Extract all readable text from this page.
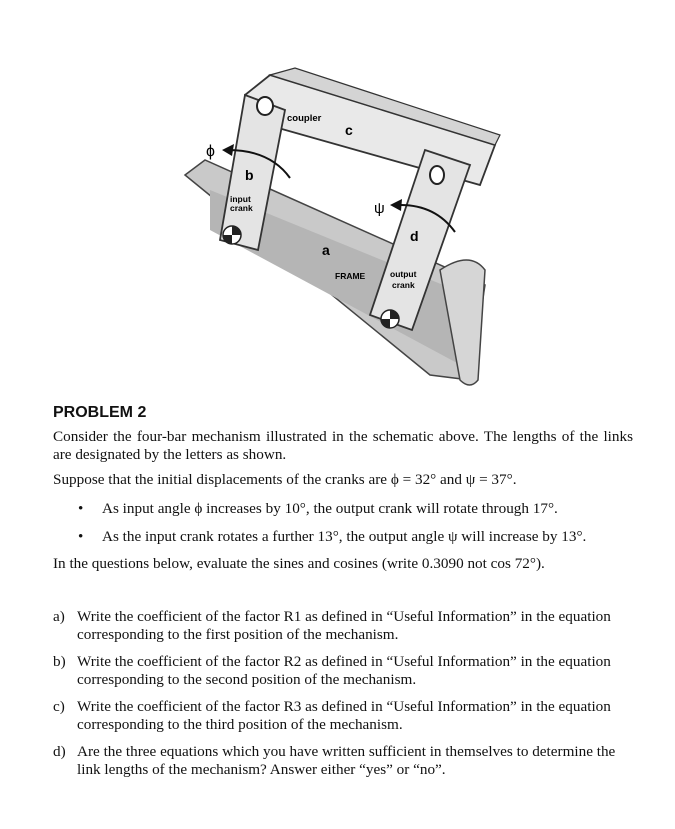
ϕ
ψ
coupler
c
b
input
crank
a
FRAME
d
output
crank
PROBLEM 2

Consider the four-bar mechanism illustrated in the schematic above. The lengths of the links are designated by the letters as shown.

Suppose that the initial displacements of the cranks are ϕ = 32° and ψ = 37°.

• As input angle ϕ increases by 10°, the output crank will rotate through 17°.
• As the input crank rotates a further 13°, the output angle ψ will increase by 13°.

In the questions below, evaluate the sines and cosines (write 0.3090 not cos 72°).

a) Write the coefficient of the factor R1 as defined in “Useful Information” in the equation corresponding to the first position of the mechanism.
b) Write the coefficient of the factor R2 as defined in “Useful Information” in the equation corresponding to the second position of the mechanism.
c) Write the coefficient of the factor R3 as defined in “Useful Information” in the equation corresponding to the third position of the mechanism.
d) Are the three equations which you have written sufficient in themselves to determine the link lengths of the mechanism? Answer either “yes” or “no”.
